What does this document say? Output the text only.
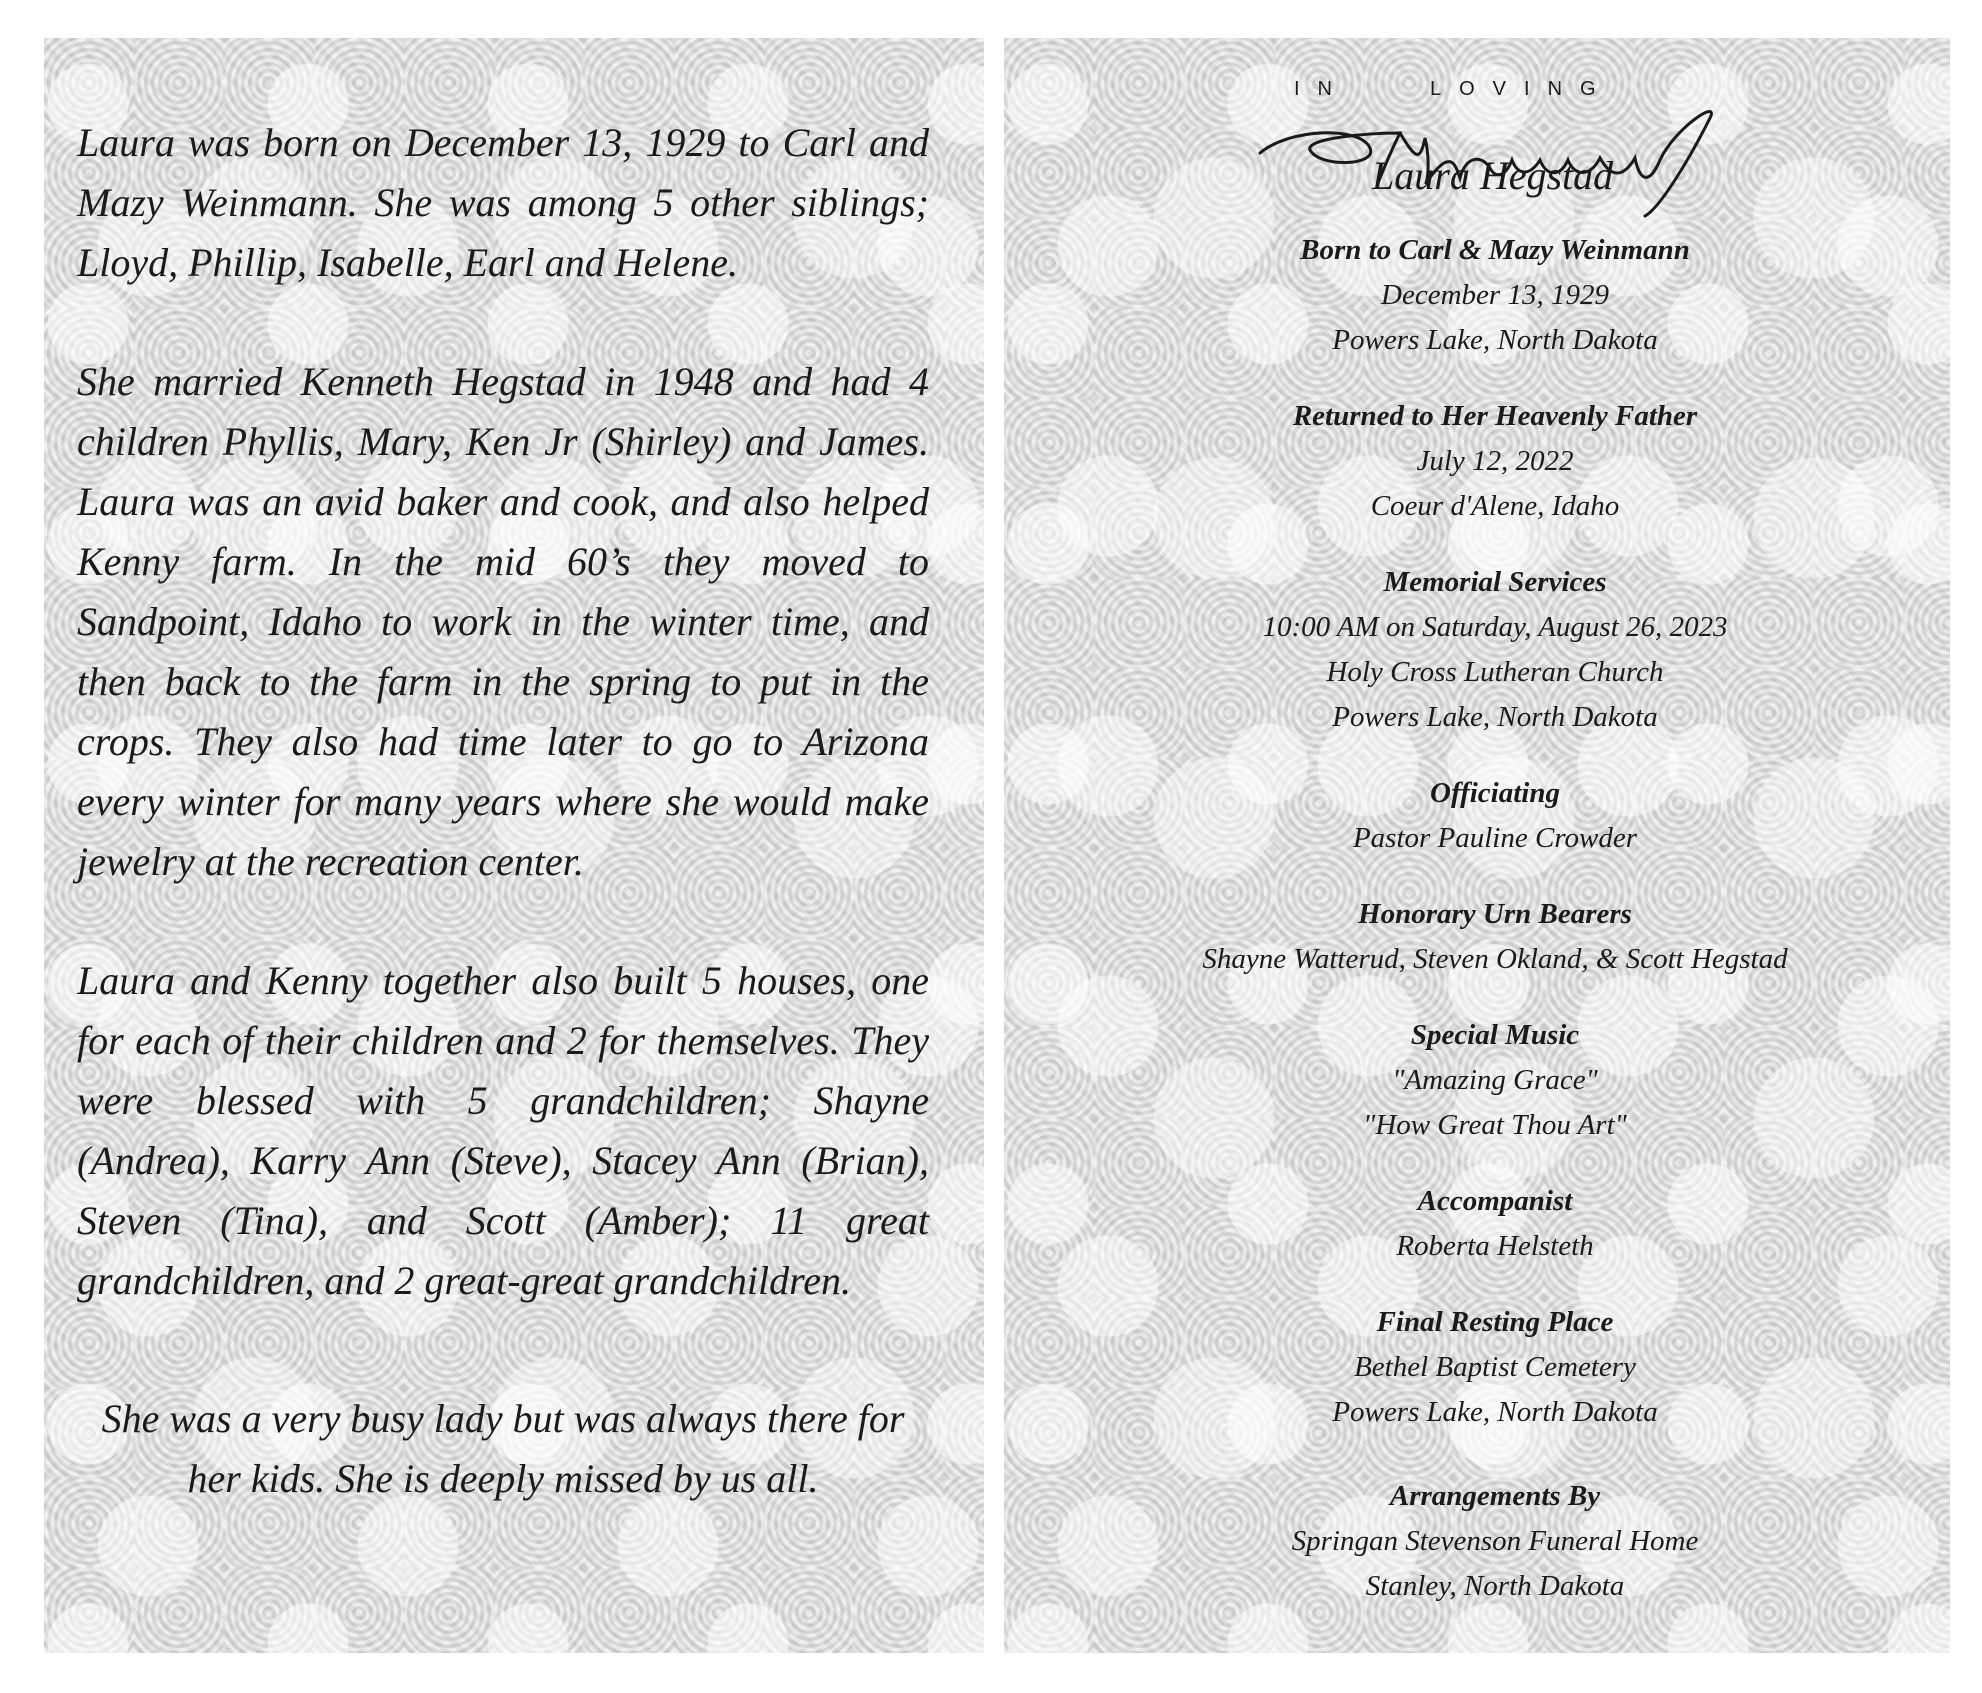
Laura was born on December 13, 1929 to Carl and Mazy Weinmann. She was among 5 other siblings; Lloyd, Phillip, Isabelle, Earl and Helene.

She married Kenneth Hegstad in 1948 and had 4 children Phyllis, Mary, Ken Jr (Shirley) and James. Laura was an avid baker and cook, and also helped Kenny farm. In the mid 60’s they moved to Sandpoint, Idaho to work in the winter time, and then back to the farm in the spring to put in the crops. They also had time later to go to Arizona every winter for many years where she would make jewelry at the recreation center.

Laura and Kenny together also built 5 houses, one for each of their children and 2 for themselves. They were blessed with 5 grandchildren; Shayne (Andrea), Karry Ann (Steve), Stacey Ann (Brian), Steven (Tina), and Scott (Amber); 11 great grandchildren, and 2 great-great grandchildren.

She was a very busy lady but was always there for her kids. She is deeply missed by us all.

IN	LOVING
Laura Hegstad
Born to Carl & Mazy Weinmann
December 13, 1929
Powers Lake, North Dakota
Returned to Her Heavenly Father
July 12, 2022
Coeur d'Alene, Idaho
Memorial Services
10:00 AM on Saturday, August 26, 2023
Holy Cross Lutheran Church
Powers Lake, North Dakota
Officiating
Pastor Pauline Crowder
Honorary Urn Bearers
Shayne Watterud, Steven Okland, & Scott Hegstad
Special Music
"Amazing Grace"
"How Great Thou Art"
Accompanist
Roberta Helsteth
Final Resting Place
Bethel Baptist Cemetery
Powers Lake, North Dakota
Arrangements By
Springan Stevenson Funeral Home
Stanley, North Dakota
